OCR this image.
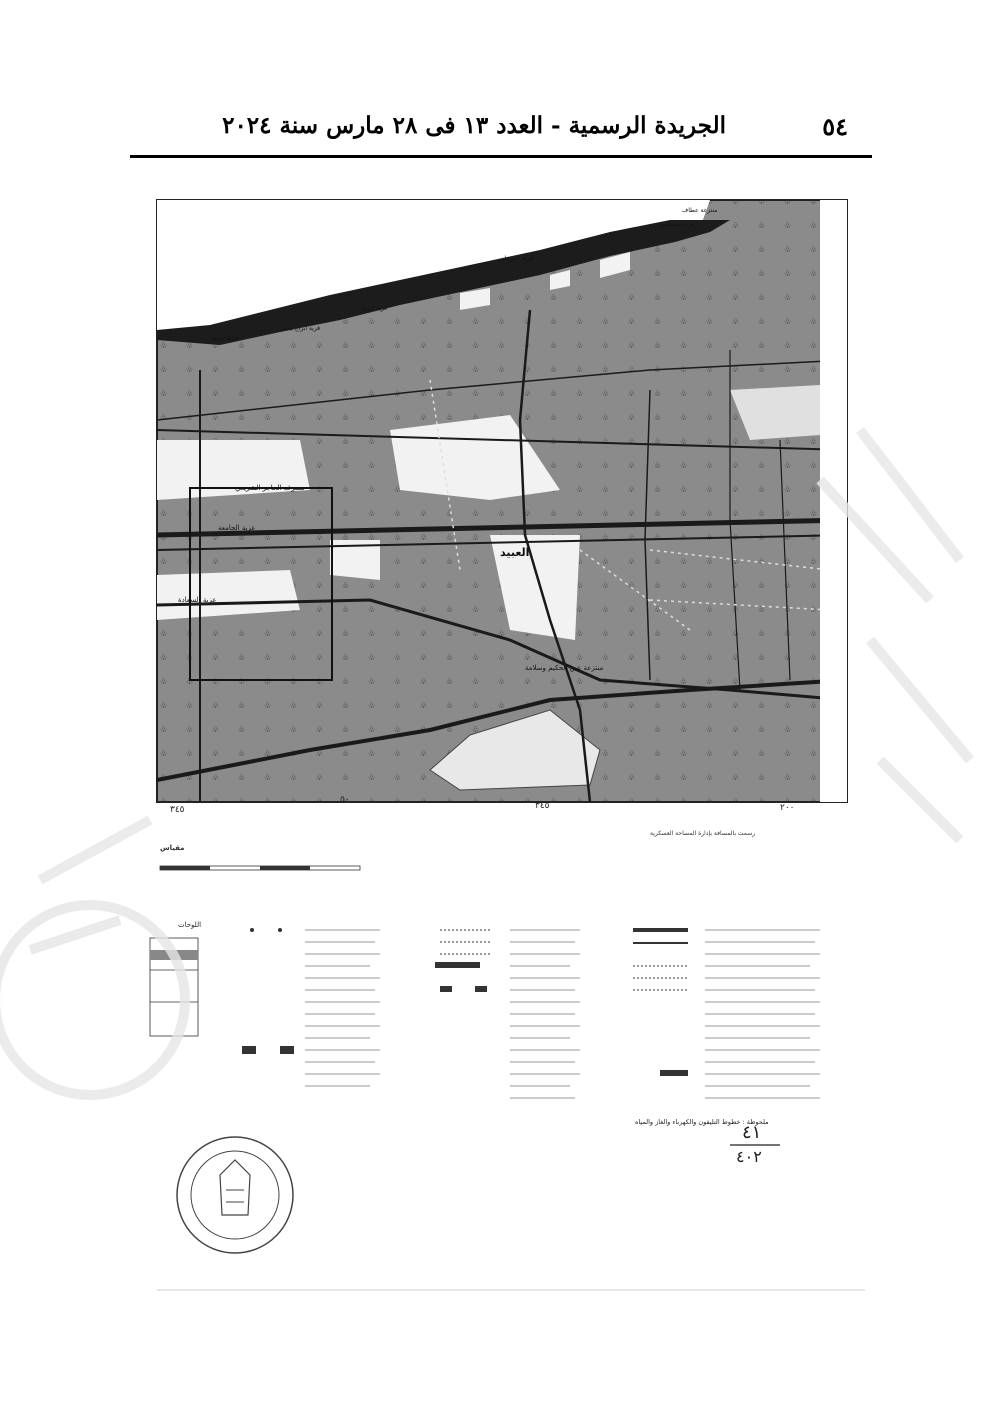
٥٤
الجريدة الرسمية - العدد ١٣ فى ٢٨ مارس سنة ٢٠٢٤
العبيد
مصرف الحاجر الشريعي
عزبة السعادة
عزبة الجامعة
منتزعة عين الحكيم وسلامة
قرية ابراج بيتش
قرية الرواد
قرية جامعة
قرية المرجان
قرية مصطفى
منتزعة عطاف
٣٤٥
٥٠
٣٤٥	٢٠٠
رسمت بالمسافة بإدارة المساحة العسكرية
مقياس
اللوحات
ملحوظة : خطوط التليفون والكهرباء والغاز والمياه
٤١
٤٠٢
